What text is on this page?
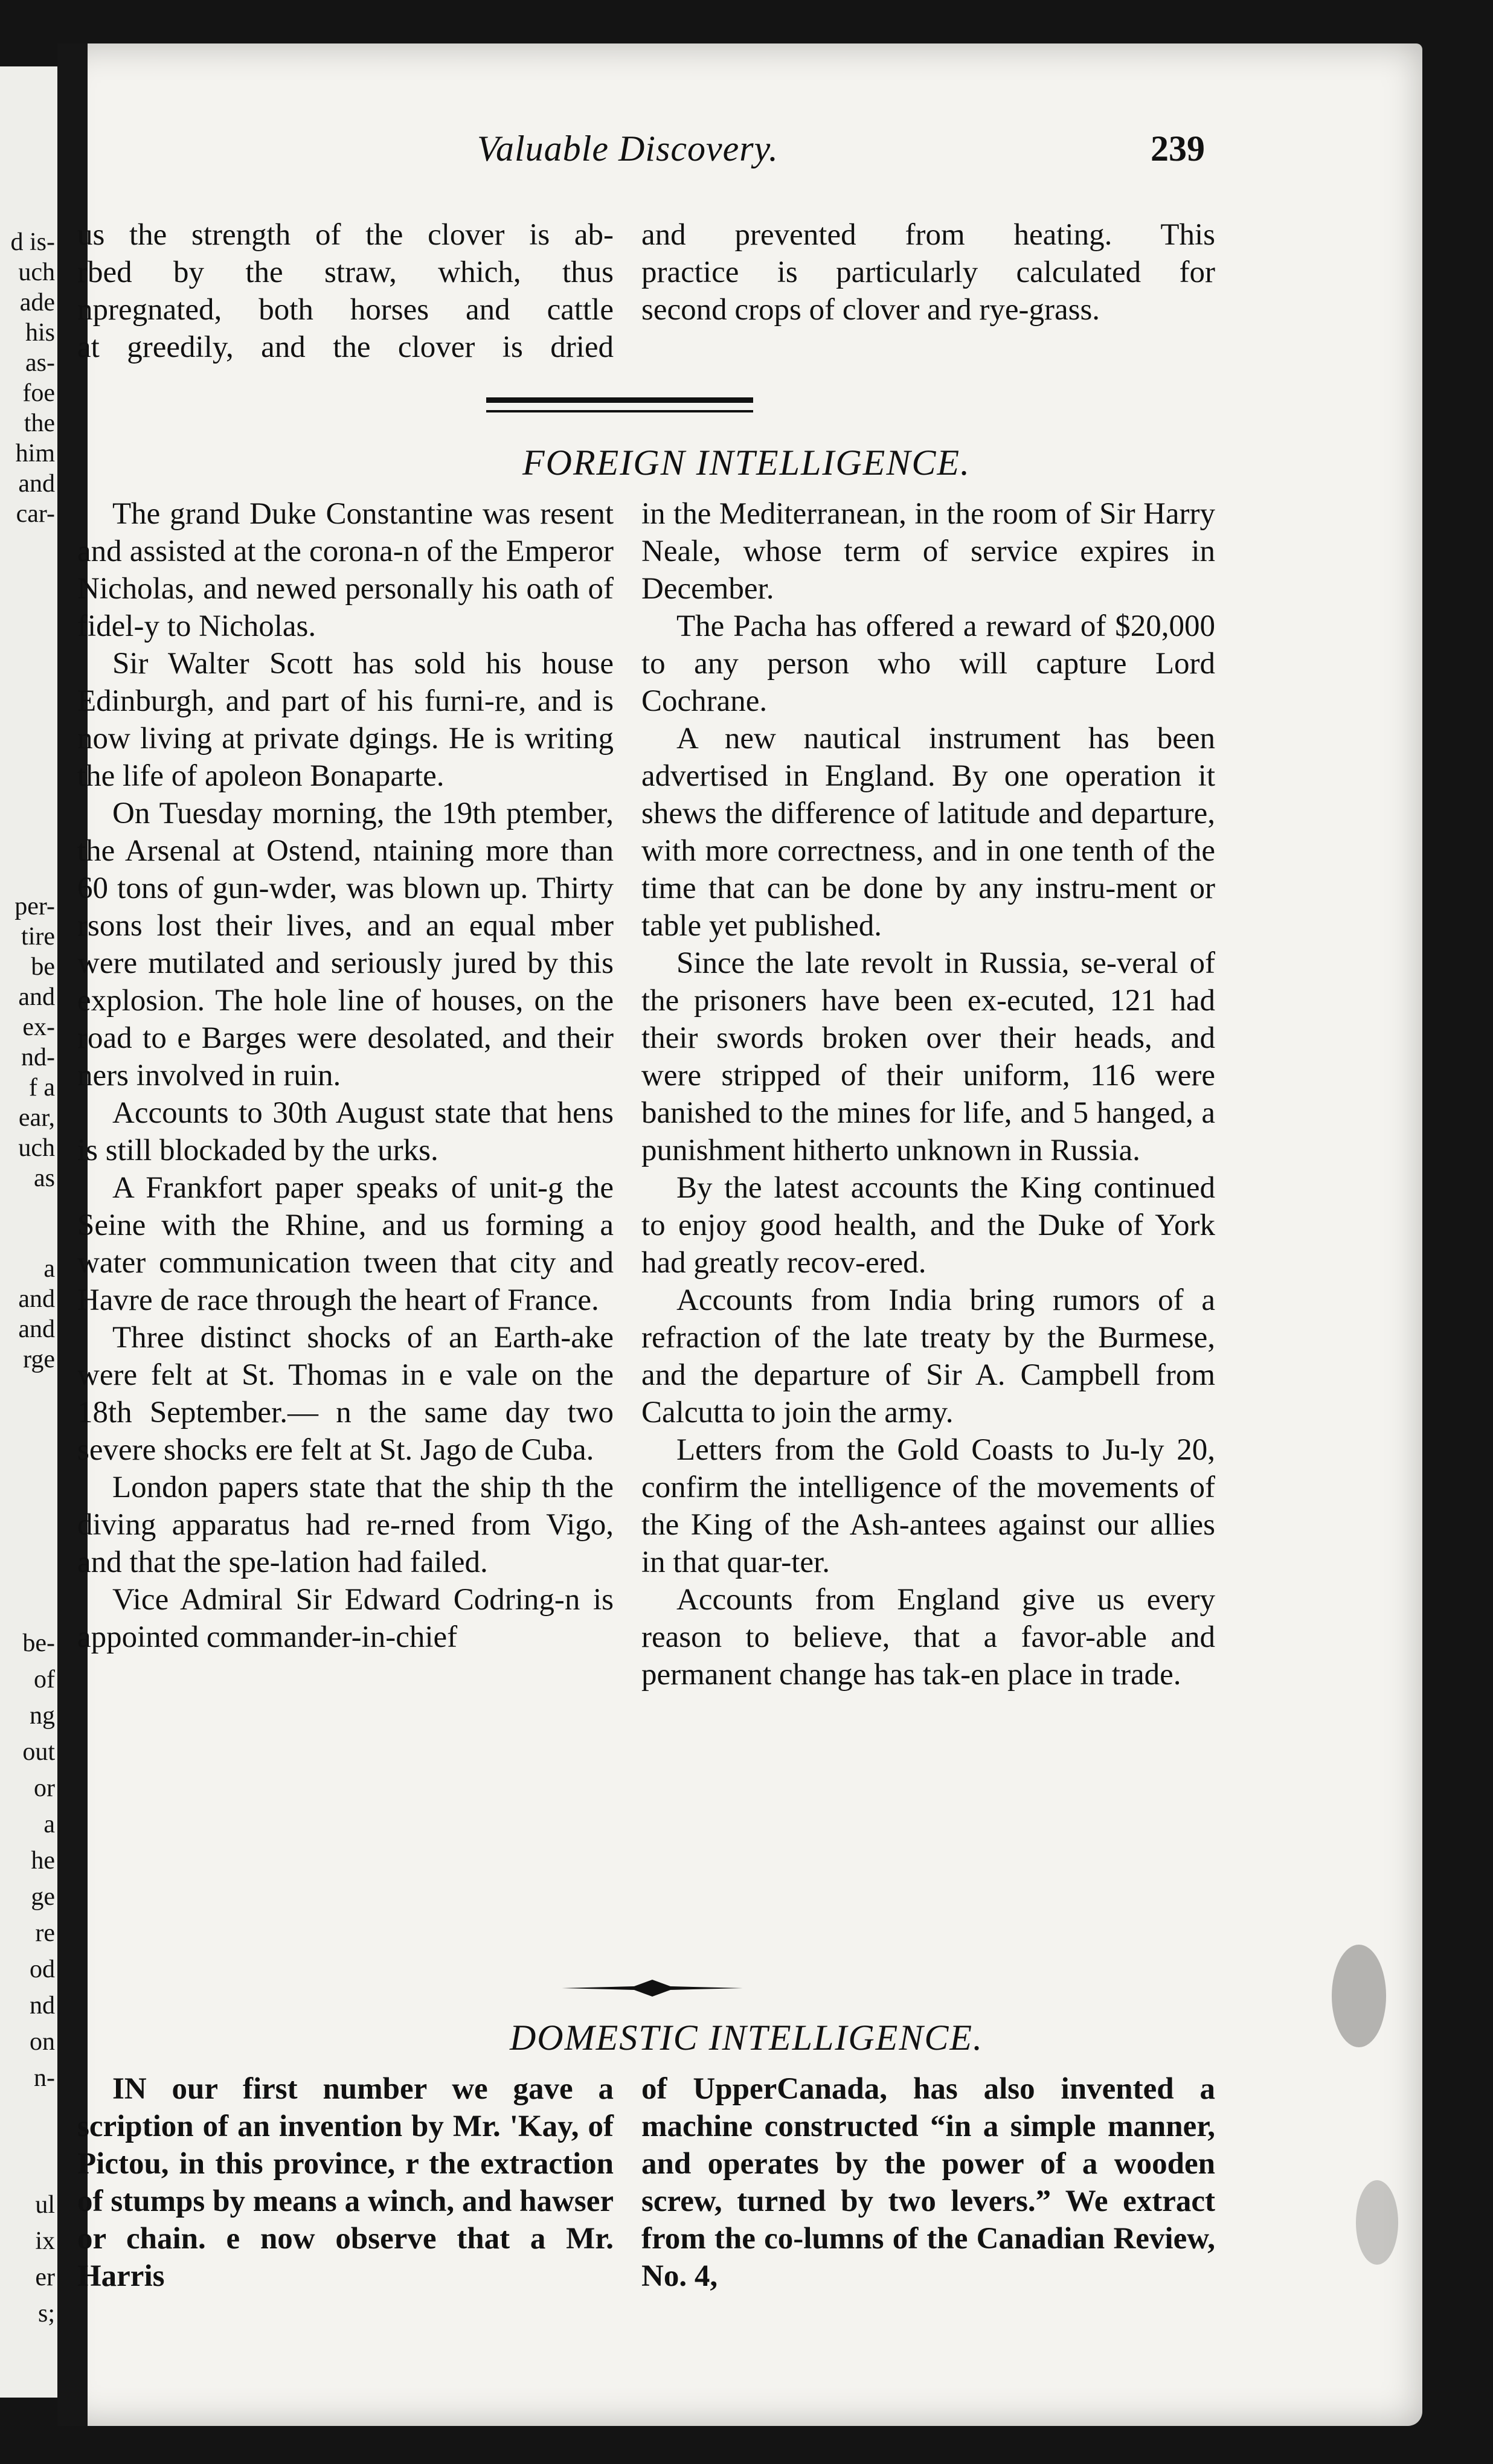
d is-
uch
ade
his
as-
foe
the
him
and
car-
per-
tire
be
and
ex-
nd-
f a
ear,
uch
as
a
and
and
rge
be-
of
ng
out
or
a
he
ge
re
od
nd
on
n-
ul
ix
er
s;
Valuable Discovery.	239

us the strength of the clover is ab-

rbed by the straw, which, thus

npregnated, both horses and cattle

at greedily, and the clover is dried

and prevented from heating. This

practice is particularly calculated for

second crops of clover and rye-grass.

FOREIGN INTELLIGENCE.

The grand Duke Constantine was resent and assisted at the corona-n of the Emperor Nicholas, and newed personally his oath of fidel-y to Nicholas.

Sir Walter Scott has sold his house Edinburgh, and part of his furni-re, and is now living at private dgings. He is writing the life of apoleon Bonaparte.

On Tuesday morning, the 19th ptember, the Arsenal at Ostend, ntaining more than 60 tons of gun-wder, was blown up. Thirty rsons lost their lives, and an equal mber were mutilated and seriously jured by this explosion. The hole line of houses, on the road to e Barges were desolated, and their ners involved in ruin.

Accounts to 30th August state that hens is still blockaded by the urks.

A Frankfort paper speaks of unit-g the Seine with the Rhine, and us forming a water communication tween that city and Havre de race through the heart of France.

Three distinct shocks of an Earth-ake were felt at St. Thomas in e vale on the 18th September.— n the same day two severe shocks ere felt at St. Jago de Cuba.

London papers state that the ship th the diving apparatus had re-rned from Vigo, and that the spe-lation had failed.

Vice Admiral Sir Edward Codring-n is appointed commander-in-chief

in the Mediterranean, in the room of Sir Harry Neale, whose term of service expires in December.

The Pacha has offered a reward of $20,000 to any person who will capture Lord Cochrane.

A new nautical instrument has been advertised in England. By one operation it shews the difference of latitude and departure, with more correctness, and in one tenth of the time that can be done by any instru-ment or table yet published.

Since the late revolt in Russia, se-veral of the prisoners have been ex-ecuted, 121 had their swords broken over their heads, and were stripped of their uniform, 116 were banished to the mines for life, and 5 hanged, a punishment hitherto unknown in Russia.

By the latest accounts the King continued to enjoy good health, and the Duke of York had greatly recov-ered.

Accounts from India bring rumors of a refraction of the late treaty by the Burmese, and the departure of Sir A. Campbell from Calcutta to join the army.

Letters from the Gold Coasts to Ju-ly 20, confirm the intelligence of the movements of the King of the Ash-antees against our allies in that quar-ter.

Accounts from England give us every reason to believe, that a favor-able and permanent change has tak-en place in trade.

DOMESTIC INTELLIGENCE.

IN our first number we gave a scription of an invention by Mr. 'Kay, of Pictou, in this province, r the extraction of stumps by means a winch, and hawser or chain. e now observe that a Mr. Harris

of UpperCanada, has also invented a machine constructed “in a simple manner, and operates by the power of a wooden screw, turned by two levers.” We extract from the co-lumns of the Canadian Review, No. 4,
